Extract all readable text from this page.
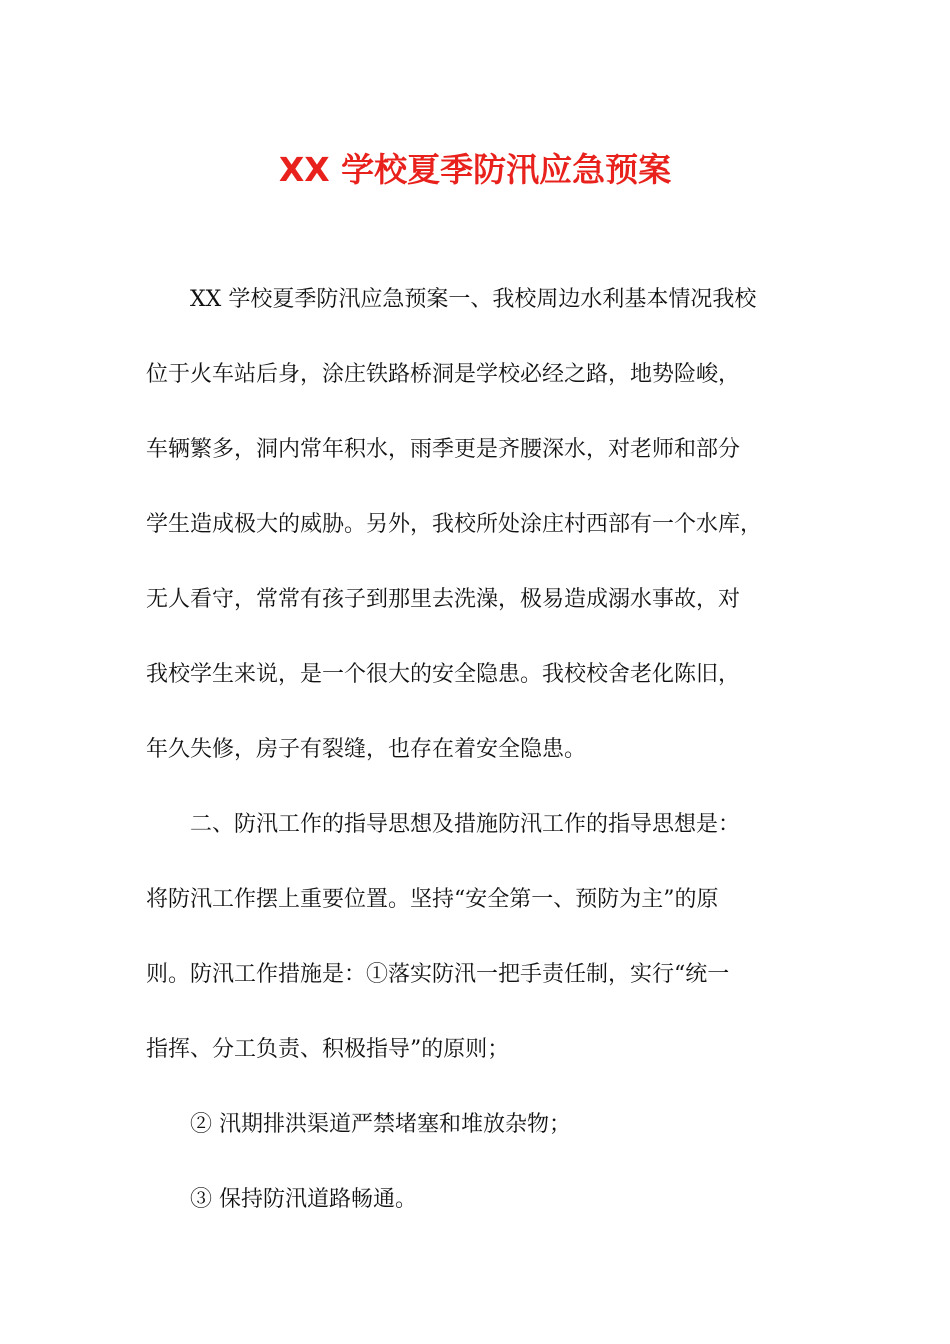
XX 学校夏季防汛应急预案
XX 学校夏季防汛应急预案一、我校周边水利基本情况我校
位于火车站后身，涂庄铁路桥洞是学校必经之路，地势险峻，
车辆繁多，洞内常年积水，雨季更是齐腰深水，对老师和部分
学生造成极大的威胁。另外，我校所处涂庄村西部有一个水库，
无人看守，常常有孩子到那里去洗澡，极易造成溺水事故，对
我校学生来说，是一个很大的安全隐患。我校校舍老化陈旧，
年久失修，房子有裂缝，也存在着安全隐患。
二、防汛工作的指导思想及措施防汛工作的指导思想是：
将防汛工作摆上重要位置。坚持“安全第一、预防为主”的原
则。防汛工作措施是：①落实防汛一把手责任制，实行“统一
指挥、分工负责、积极指导”的原则；
② 汛期排洪渠道严禁堵塞和堆放杂物；
③ 保持防汛道路畅通。
